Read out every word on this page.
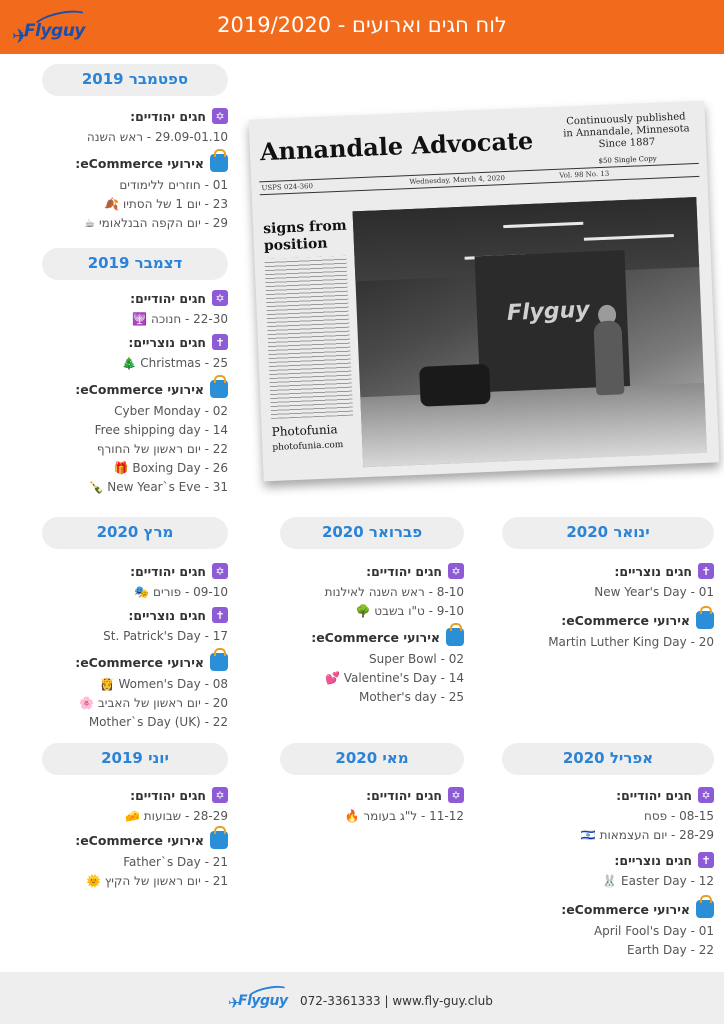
✈
Flyguy	לוח חגים וארועים - 2019/2020
ספטמבר 2019
✡
חגים יהודיים:
29.09-01.10 - ראש השנה
אירועי eCommerce:
01 - חוזרים ללימודים
23 - יום 1 של הסתיו 🍂
29 - יום הקפה הבנלאומי ☕
דצמבר 2019
✡
חגים יהודיים:
22-30 - חנוכה 🕎
✝
חגים נוצריים:
25 - Christmas 🎄
אירועי eCommerce:
02 - Cyber Monday
14 - Free shipping day
22 - יום ראשון של החורף
26 - Boxing Day 🎁
31 - New Year`s Eve 🍾
Annandale Advocate
Continuously published in Annandale, Minnesota Since 1887
$50 Single Copy
USPS 024-360
Wednesday, March 4, 2020	Vol. 98 No. 13
signs from position
Photofunia
photofunia.com
Flyguy
ינואר 2020
✝
חגים נוצריים:
01 - New Year's Day
אירועי eCommerce:
20 - Martin Luther King Day
פברואר 2020
✡
חגים יהודיים:
8-10 - ראש השנה לאילנות
9-10 - ט"ו בשבט 🌳
אירועי eCommerce:
02 - Super Bowl
14 - Valentine's Day 💕
25 - Mother's day
מרץ 2020
✡
חגים יהודיים:
09-10 - פורים 🎭
✝
חגים נוצריים:
17 - St. Patrick's Day
אירועי eCommerce:
08 - Women's Day 👸
20 - יום ראשון של האביב 🌸
22 - Mother`s Day (UK)
אפריל 2020
✡
חגים יהודיים:
08-15 - פסח
28-29 - יום העצמאות 🇮🇱
✝
חגים נוצריים:
12 - Easter Day 🐰
אירועי eCommerce:
01 - April Fool's Day
22 - Earth Day
מאי 2020
✡
חגים יהודיים:
11-12 - ל"ג בעומר 🔥
יוני 2019
✡
חגים יהודיים:
28-29 - שבועות 🧀
אירועי eCommerce:
21 - Father`s Day
21 - יום ראשון של הקיץ 🌞
✈
Flyguy 072-3361333 | www.fly-guy.club
